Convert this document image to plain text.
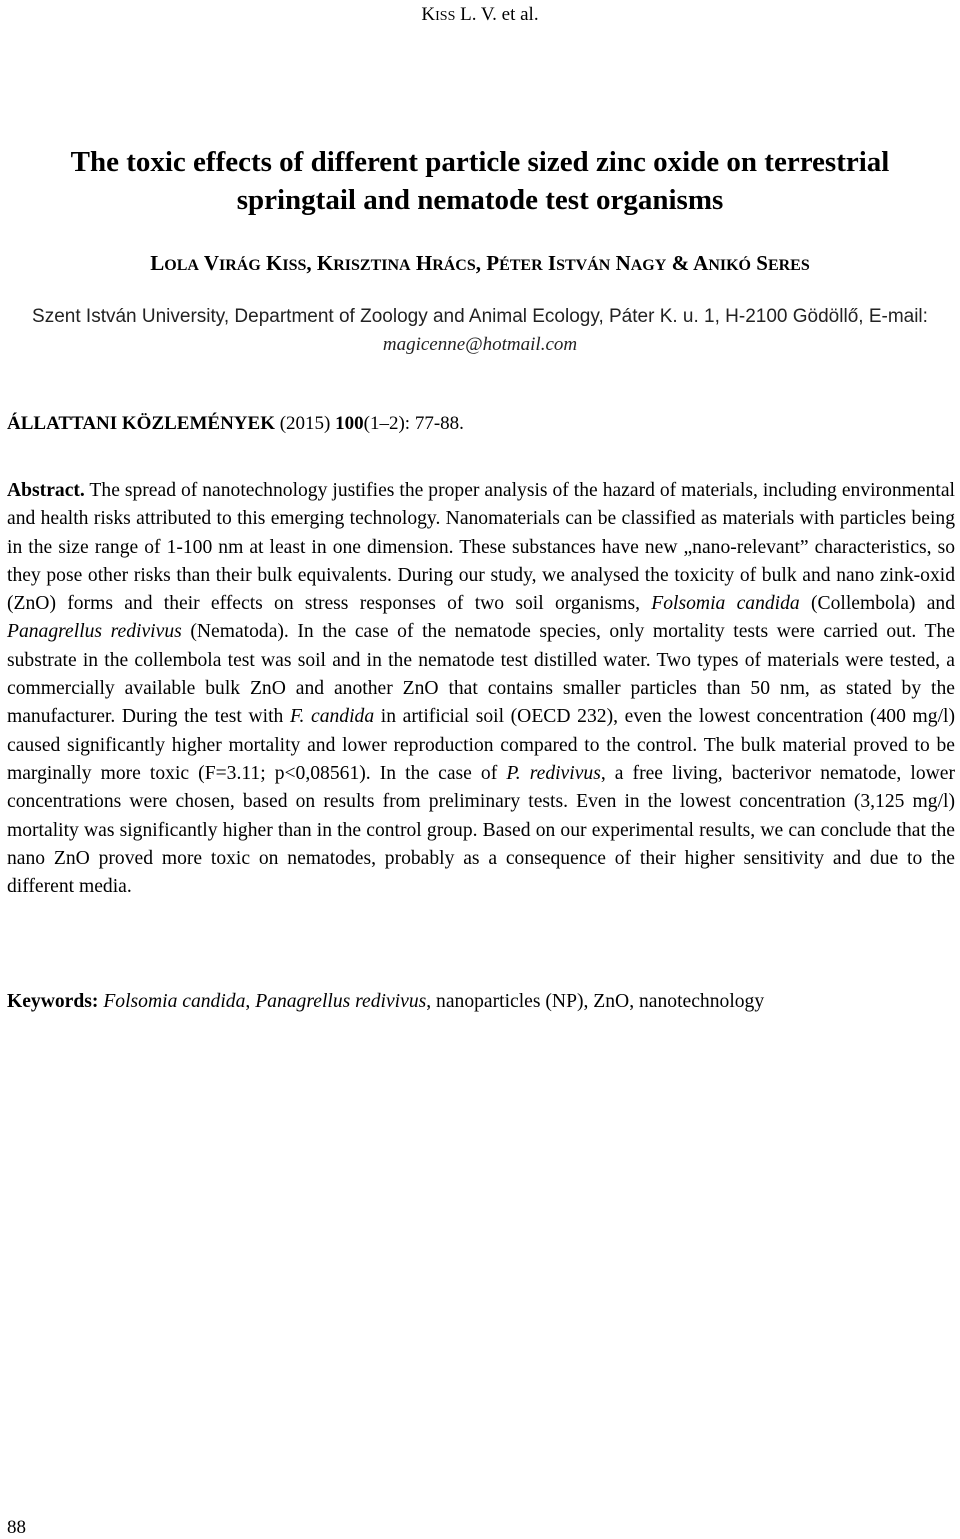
KISS L. V. et al.
The toxic effects of different particle sized zinc oxide on terrestrial springtail and nematode test organisms
LOLA VIRÁG KISS, KRISZTINA HRÁCS, PÉTER ISTVÁN NAGY & ANIKÓ SERES
Szent István University, Department of Zoology and Animal Ecology, Páter K. u. 1, H-2100 Gödöllő, E-mail: magicenne@hotmail.com
ÁLLATTANI KÖZLEMÉNYEK (2015) 100(1–2): 77-88.

Abstract. The spread of nanotechnology justifies the proper analysis of the hazard of materials, including environmental and health risks attributed to this emerging technology. Nanomaterials can be classified as materials with particles being in the size range of 1-100 nm at least in one dimension. These substances have new „nano-relevant” characteristics, so they pose other risks than their bulk equivalents. During our study, we analysed the toxicity of bulk and nano zink-oxid (ZnO) forms and their effects on stress responses of two soil organisms, Folsomia candida (Collembola) and Panagrellus redivivus (Nematoda). In the case of the nematode species, only mortality tests were carried out. The substrate in the collembola test was soil and in the nematode test distilled water. Two types of materials were tested, a commercially available bulk ZnO and another ZnO that contains smaller particles than 50 nm, as stated by the manufacturer. During the test with F. candida in artificial soil (OECD 232), even the lowest concentration (400 mg/l) caused significantly higher mortality and lower reproduction compared to the control. The bulk material proved to be marginally more toxic (F=3.11; p<0,08561). In the case of P. redivivus, a free living, bacterivor nematode, lower concentrations were chosen, based on results from preliminary tests. Even in the lowest concentration (3,125 mg/l) mortality was significantly higher than in the control group. Based on our experimental results, we can conclude that the nano ZnO proved more toxic on nematodes, probably as a consequence of their higher sensitivity and due to the different media.

Keywords: Folsomia candida, Panagrellus redivivus, nanoparticles (NP), ZnO, nanotechnology
88
